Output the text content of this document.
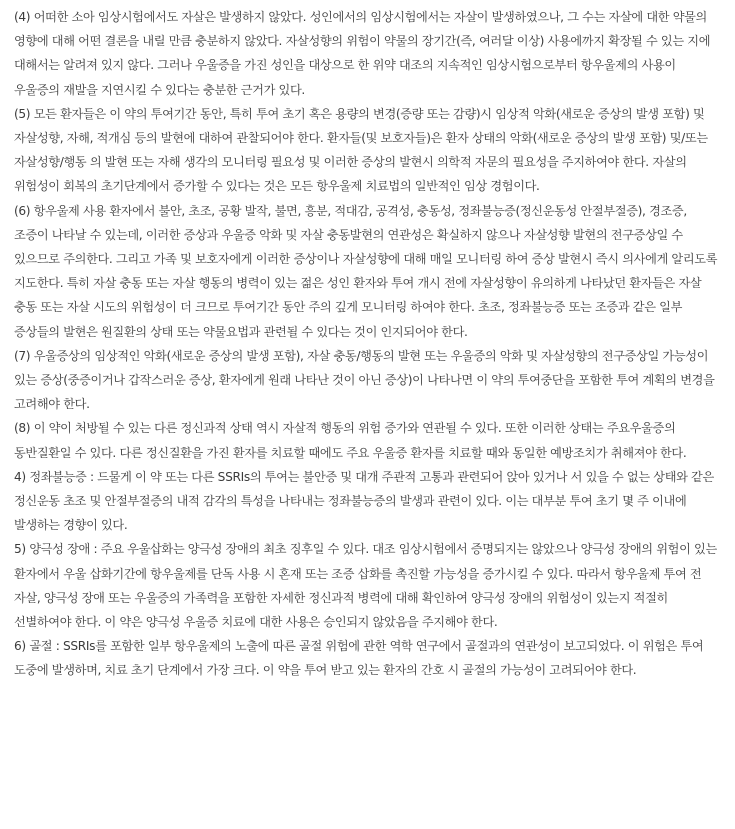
(4) 어떠한 소아 임상시험에서도 자살은 발생하지 않았다. 성인에서의 임상시험에서는 자살이 발생하였으나, 그 수는 자살에 대한 약물의 영향에 대해 어떤 결론을 내릴 만큼 충분하지 않았다. 자살성향의 위험이 약물의 장기간(즉, 여러달 이상) 사용에까지 확장될 수 있는 지에 대해서는 알려져 있지 않다. 그러나 우울증을 가진 성인을 대상으로 한 위약 대조의 지속적인 임상시험으로부터 항우울제의 사용이 우울증의 재발을 지연시킬 수 있다는 충분한 근거가 있다.

(5) 모든 환자들은 이 약의 투여기간 동안, 특히 투여 초기 혹은 용량의 변경(증량 또는 감량)시 임상적 악화(새로운 증상의 발생 포함) 및 자살성향, 자해, 적개심 등의 발현에 대하여 관찰되어야 한다. 환자들(및 보호자들)은 환자 상태의 악화(새로운 증상의 발생 포함) 및/또는 자살성향/행동 의 발현 또는 자해 생각의 모니터링 필요성 및 이러한 증상의 발현시 의학적 자문의 필요성을 주지하여야 한다. 자살의 위험성이 회복의 초기단계에서 증가할 수 있다는 것은 모든 항우울제 치료법의 일반적인 임상 경험이다.

(6) 항우울제 사용 환자에서 불안, 초조, 공황 발작, 불면, 흥분, 적대감, 공격성, 충동성, 정좌불능증(정신운동성 안절부절증), 경조증, 조증이 나타날 수 있는데, 이러한 증상과 우울증 악화 및 자살 충동발현의 연관성은 확실하지 않으나 자살성향 발현의 전구증상일 수 있으므로 주의한다. 그리고 가족 및 보호자에게 이러한 증상이나 자살성향에 대해 매일 모니터링 하여 증상 발현시 즉시 의사에게 알리도록 지도한다. 특히 자살 충동 또는 자살 행동의 병력이 있는 젊은 성인 환자와 투여 개시 전에 자살성향이 유의하게 나타났던 환자들은 자살 충동 또는 자살 시도의 위험성이 더 크므로 투여기간 동안 주의 깊게 모니터링 하여야 한다. 초조, 정좌불능증 또는 조증과 같은 일부 증상들의 발현은 원질환의 상태 또는 약물요법과 관련될 수 있다는 것이 인지되어야 한다.

(7) 우울증상의 임상적인 악화(새로운 증상의 발생 포함), 자살 충동/행동의 발현 또는 우울증의 악화 및 자살성향의 전구증상일 가능성이 있는 증상(중증이거나 갑작스러운 증상, 환자에게 원래 나타난 것이 아닌 증상)이 나타나면 이 약의 투여중단을 포함한 투여 계획의 변경을 고려해야 한다.

(8) 이 약이 처방될 수 있는 다른 정신과적 상태 역시 자살적 행동의 위험 증가와 연관될 수 있다. 또한 이러한 상태는 주요우울증의 동반질환일 수 있다. 다른 정신질환을 가진 환자를 치료할 때에도 주요 우울증 환자를 치료할 때와 동일한 예방조치가 취해져야 한다.

4) 정좌불능증 : 드물게 이 약 또는 다른 SSRIs의 투여는 불안증 및 대개 주관적 고통과 관련되어 앉아 있거나 서 있을 수 없는 상태와 같은 정신운동 초조 및 안절부절증의 내적 감각의 특성을 나타내는 정좌불능증의 발생과 관련이 있다. 이는 대부분 투여 초기 몇 주 이내에 발생하는 경향이 있다.

5) 양극성 장애 : 주요 우울삽화는 양극성 장애의 최초 징후일 수 있다. 대조 임상시험에서 증명되지는 않았으나 양극성 장애의 위험이 있는 환자에서 우울 삽화기간에 항우울제를 단독 사용 시 혼재 또는 조증 삽화를 촉진할 가능성을 증가시킬 수 있다. 따라서 항우울제 투여 전 자살, 양극성 장애 또는 우울증의 가족력을 포함한 자세한 정신과적 병력에 대해 확인하여 양극성 장애의 위험성이 있는지 적절히 선별하여야 한다. 이 약은 양극성 우울증 치료에 대한 사용은 승인되지 않았음을 주지해야 한다.

6) 골절 : SSRIs를 포함한 일부 항우울제의 노출에 따른 골절 위험에 관한 역학 연구에서 골절과의 연관성이 보고되었다. 이 위험은 투여 도중에 발생하며, 치료 초기 단계에서 가장 크다. 이 약을 투여 받고 있는 환자의 간호 시 골절의 가능성이 고려되어야 한다.
